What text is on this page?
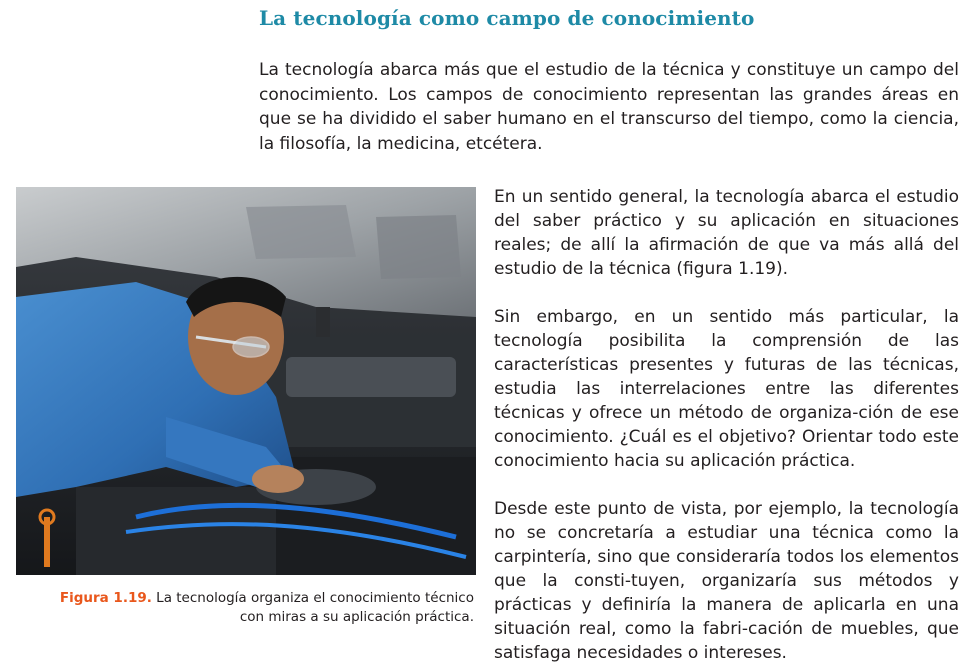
La tecnología como campo de conocimiento

La tecnología abarca más que el estudio de la técnica y constituye un campo del conocimiento. Los campos de conocimiento representan las grandes áreas en que se ha dividido el saber humano en el transcurso del tiempo, como la ciencia, la filosofía, la medicina, etcétera.

Figura 1.19. La tecnología organiza el conocimiento técnico con miras a su aplicación práctica.

En un sentido general, la tecnología abarca el estudio del saber práctico y su aplicación en situaciones reales; de allí la afirmación de que va más allá del estudio de la técnica (figura 1.19).

Sin embargo, en un sentido más particular, la tecnología posibilita la comprensión de las características presentes y futuras de las técnicas, estudia las interrelaciones entre las diferentes técnicas y ofrece un método de organiza-ción de ese conocimiento. ¿Cuál es el objetivo? Orientar todo este conocimiento hacia su aplicación práctica.

Desde este punto de vista, por ejemplo, la tecnología no se concretaría a estudiar una técnica como la carpintería, sino que consideraría todos los elementos que la consti-tuyen, organizaría sus métodos y prácticas y definiría la manera de aplicarla en una situación real, como la fabri-cación de muebles, que satisfaga necesidades o intereses.
